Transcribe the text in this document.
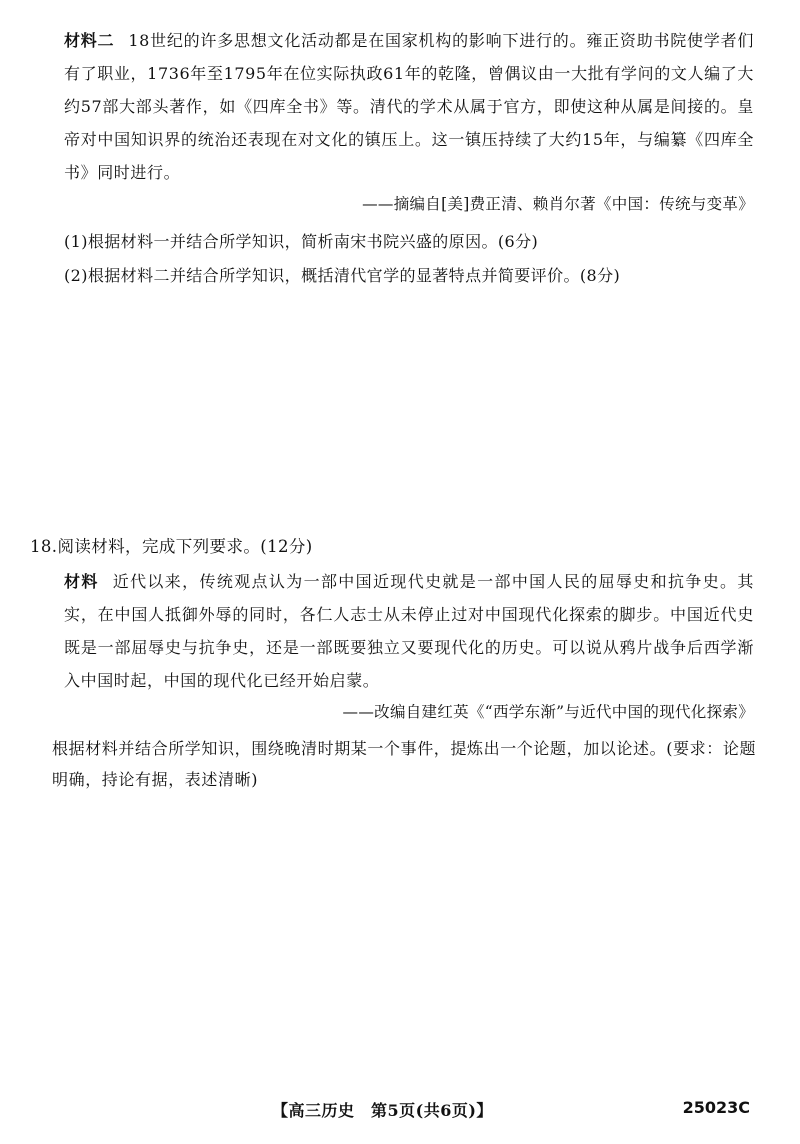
材料二 18世纪的许多思想文化活动都是在国家机构的影响下进行的。雍正资助书院使学者们有了职业，1736年至1795年在位实际执政61年的乾隆，曾偶议由一大批有学问的文人编了大约57部大部头著作，如《四库全书》等。清代的学术从属于官方，即使这种从属是间接的。皇帝对中国知识界的统治还表现在对文化的镇压上。这一镇压持续了大约15年，与编纂《四库全书》同时进行。
——摘编自[美]费正清、赖肖尔著《中国：传统与变革》
(1)根据材料一并结合所学知识，简析南宋书院兴盛的原因。(6分)
(2)根据材料二并结合所学知识，概括清代官学的显著特点并简要评价。(8分)
18.阅读材料，完成下列要求。(12分)
材料 近代以来，传统观点认为一部中国近现代史就是一部中国人民的屈辱史和抗争史。其实，在中国人抵御外辱的同时，各仁人志士从未停止过对中国现代化探索的脚步。中国近代史既是一部屈辱史与抗争史，还是一部既要独立又要现代化的历史。可以说从鸦片战争后西学渐入中国时起，中国的现代化已经开始启蒙。
——改编自建红英《“西学东渐”与近代中国的现代化探索》
根据材料并结合所学知识，围绕晚清时期某一个事件，提炼出一个论题，加以论述。(要求：论题明确，持论有据，表述清晰)
【高三历史　第5页(共6页)】	25023C
